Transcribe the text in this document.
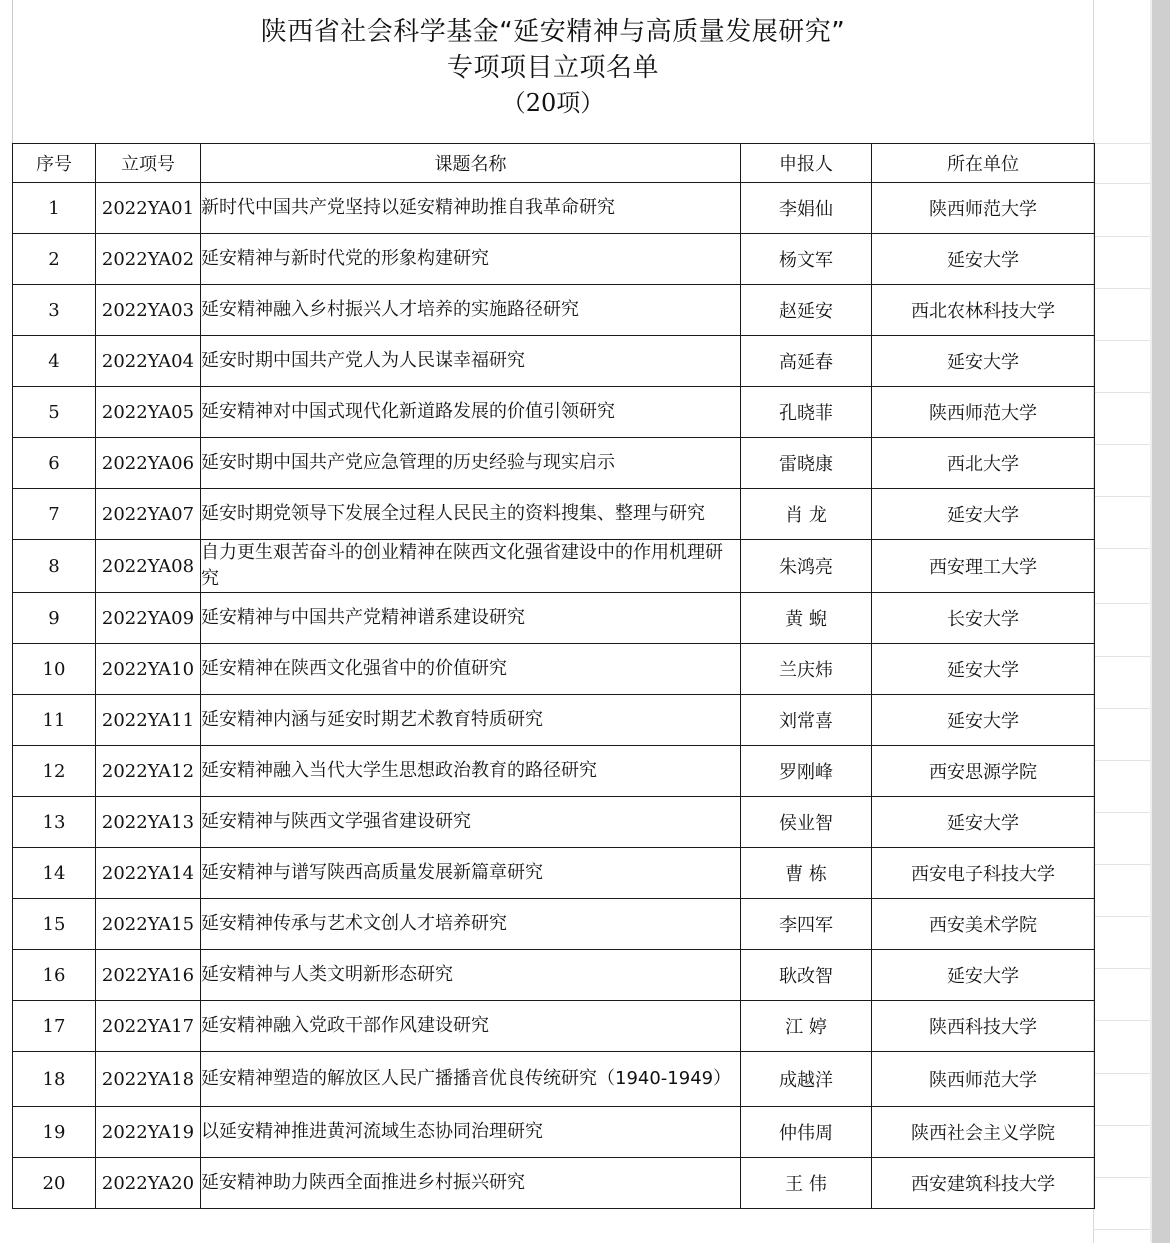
陕西省社会科学基金“延安精神与高质量发展研究”
专项项目立项名单
（20项）
序号	立项号	课题名称	申报人	所在单位
1	2022YA01	新时代中国共产党坚持以延安精神助推自我革命研究	李娟仙	陕西师范大学
2	2022YA02	延安精神与新时代党的形象构建研究	杨文军	延安大学
3	2022YA03	延安精神融入乡村振兴人才培养的实施路径研究	赵延安	西北农林科技大学
4	2022YA04	延安时期中国共产党人为人民谋幸福研究	高延春	延安大学
5	2022YA05	延安精神对中国式现代化新道路发展的价值引领研究	孔晓菲	陕西师范大学
6	2022YA06	延安时期中国共产党应急管理的历史经验与现实启示	雷晓康	西北大学
7	2022YA07	延安时期党领导下发展全过程人民民主的资料搜集、整理与研究	肖 龙	延安大学
8	2022YA08	自力更生艰苦奋斗的创业精神在陕西文化强省建设中的作用机理研究	朱鸿亮	西安理工大学
9	2022YA09	延安精神与中国共产党精神谱系建设研究	黄 蜺	长安大学
10	2022YA10	延安精神在陕西文化强省中的价值研究	兰庆炜	延安大学
11	2022YA11	延安精神内涵与延安时期艺术教育特质研究	刘常喜	延安大学
12	2022YA12	延安精神融入当代大学生思想政治教育的路径研究	罗刚峰	西安思源学院
13	2022YA13	延安精神与陕西文学强省建设研究	侯业智	延安大学
14	2022YA14	延安精神与谱写陕西高质量发展新篇章研究	曹 栋	西安电子科技大学
15	2022YA15	延安精神传承与艺术文创人才培养研究	李四军	西安美术学院
16	2022YA16	延安精神与人类文明新形态研究	耿改智	延安大学
17	2022YA17	延安精神融入党政干部作风建设研究	江 婷	陕西科技大学
18	2022YA18	延安精神塑造的解放区人民广播播音优良传统研究（1940-1949）	成越洋	陕西师范大学
19	2022YA19	以延安精神推进黄河流域生态协同治理研究	仲伟周	陕西社会主义学院
20	2022YA20	延安精神助力陕西全面推进乡村振兴研究	王 伟	西安建筑科技大学
